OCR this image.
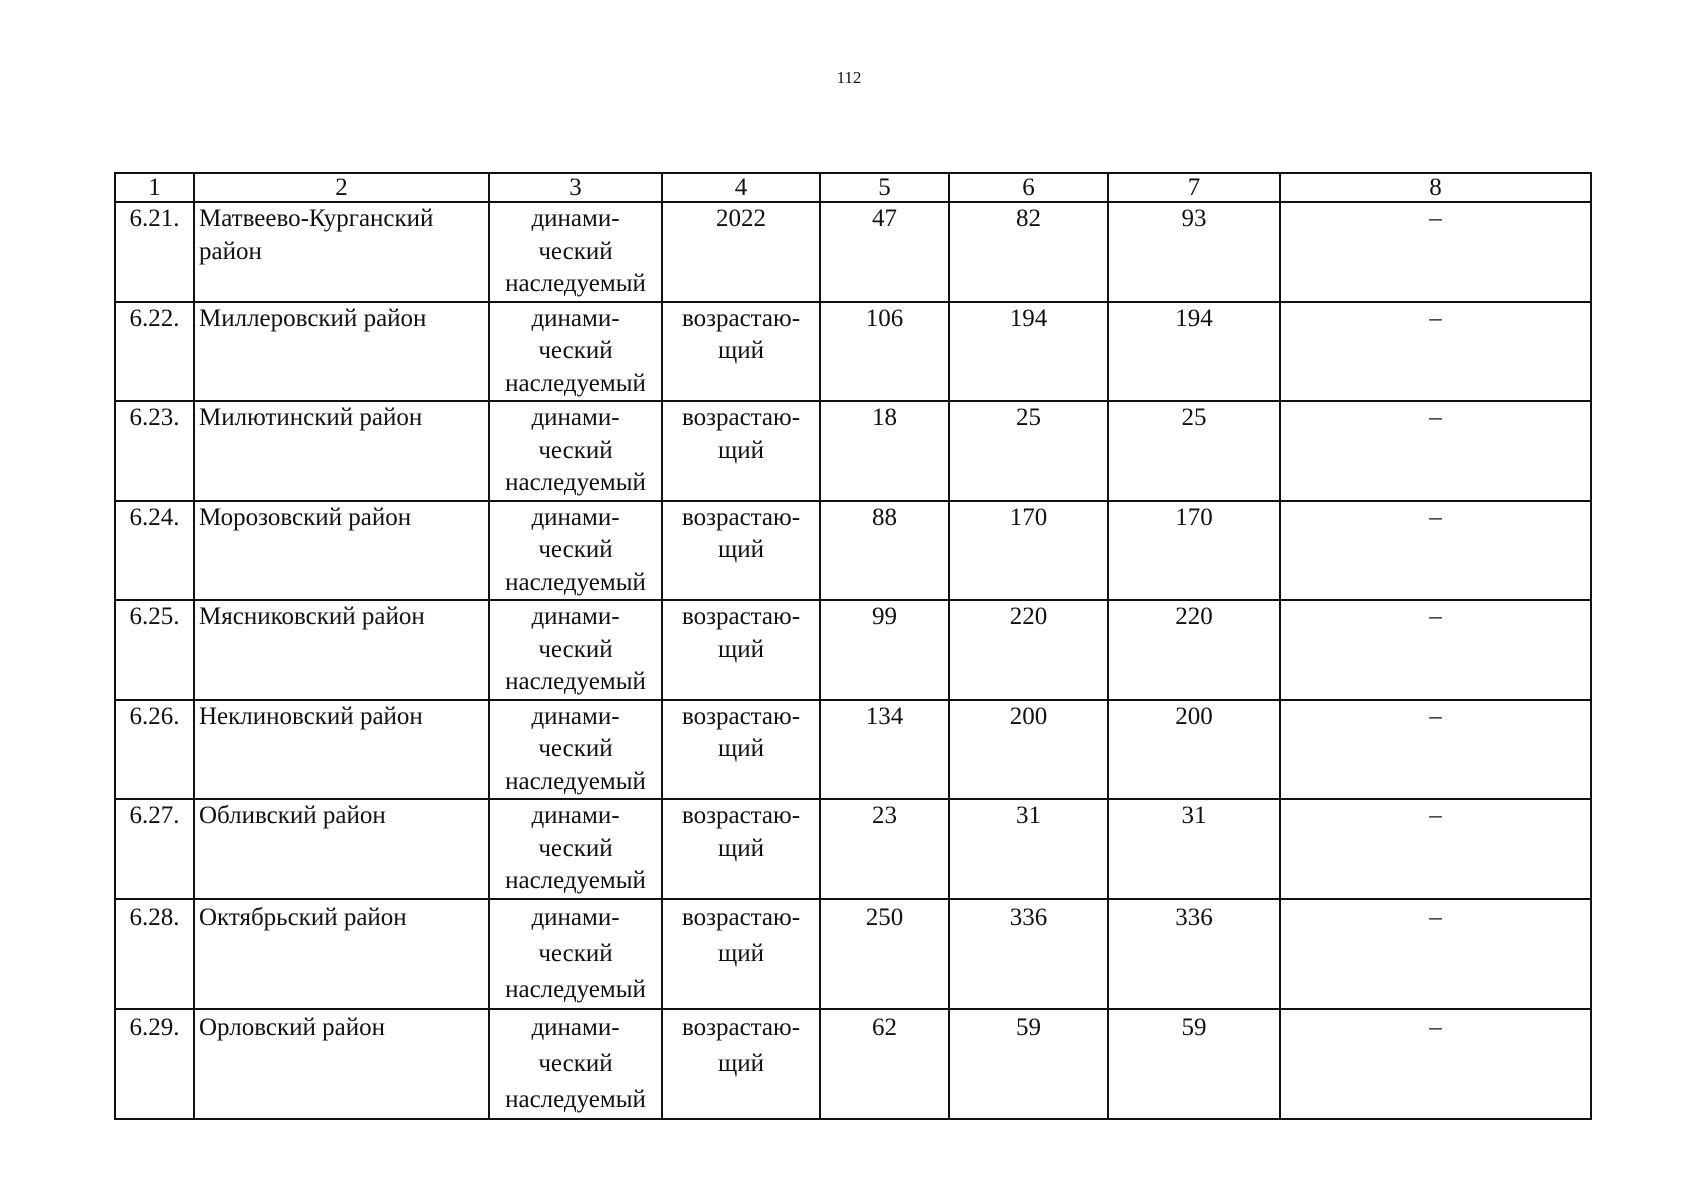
112
1	2	3	4	5	6	7	8
6.21.	Матвеево-Курганский район	динами-
ческий
наследуемый	2022	47	82	93	–
6.22.	Миллеровский район	динами-
ческий
наследуемый	возрастаю-
щий	106	194	194	–
6.23.	Милютинский район	динами-
ческий
наследуемый	возрастаю-
щий	18	25	25	–
6.24.	Морозовский район	динами-
ческий
наследуемый	возрастаю-
щий	88	170	170	–
6.25.	Мясниковский район	динами-
ческий
наследуемый	возрастаю-
щий	99	220	220	–
6.26.	Неклиновский район	динами-
ческий
наследуемый	возрастаю-
щий	134	200	200	–
6.27.	Обливский район	динами-
ческий
наследуемый	возрастаю-
щий	23	31	31	–
6.28.	Октябрьский район	динами-
ческий
наследуемый	возрастаю-
щий	250	336	336	–
6.29.	Орловский район	динами-
ческий
наследуемый	возрастаю-
щий	62	59	59	–
